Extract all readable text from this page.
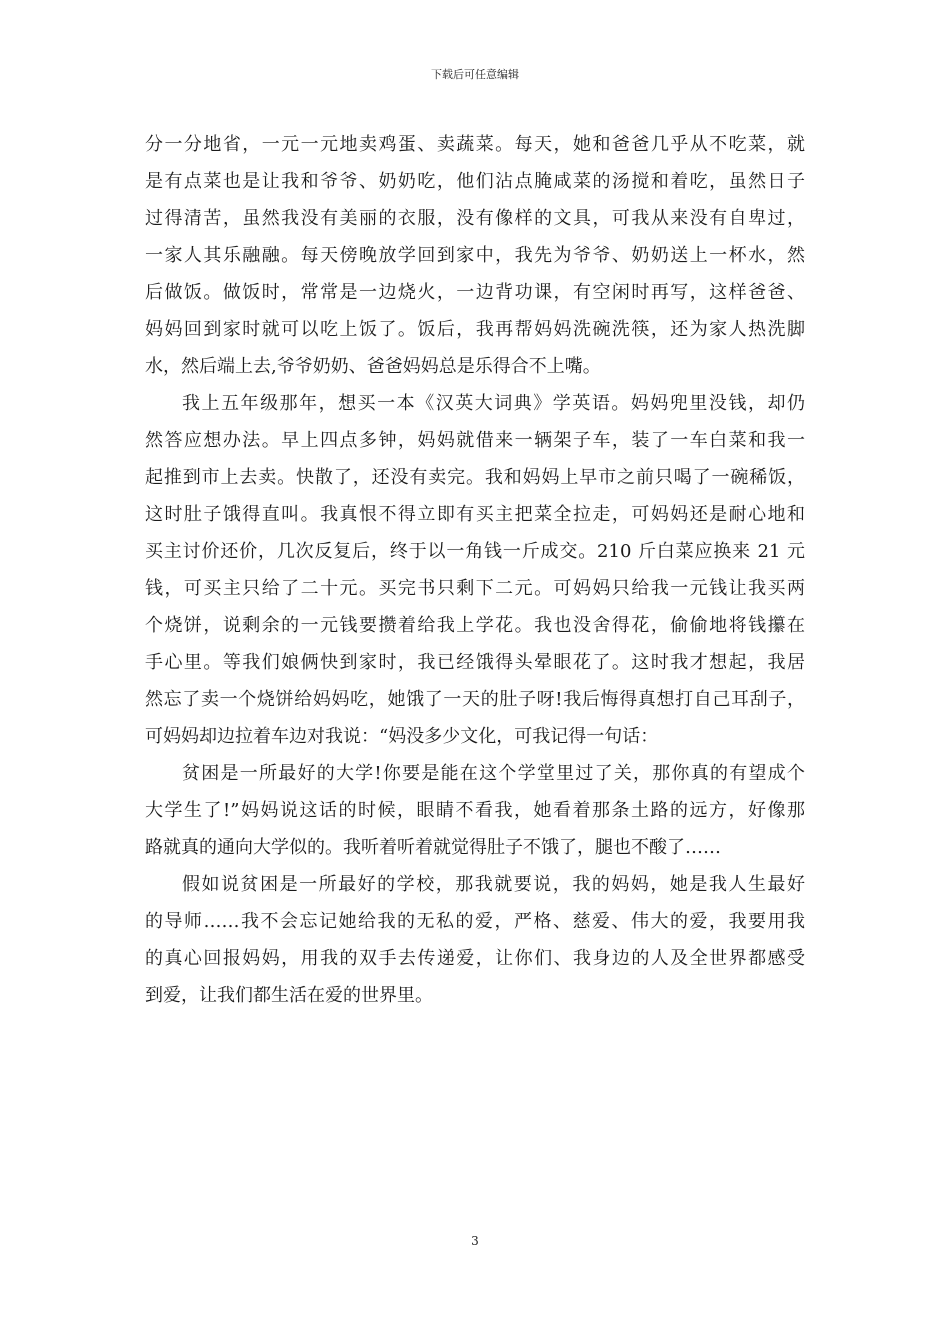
下载后可任意编辑
分一分地省，一元一元地卖鸡蛋、卖蔬菜。每天，她和爸爸几乎从不吃菜，就
是有点菜也是让我和爷爷、奶奶吃，他们沾点腌咸菜的汤搅和着吃，虽然日子
过得清苦，虽然我没有美丽的衣服，没有像样的文具，可我从来没有自卑过，
一家人其乐融融。每天傍晚放学回到家中，我先为爷爷、奶奶送上一杯水，然
后做饭。做饭时，常常是一边烧火，一边背功课，有空闲时再写，这样爸爸、
妈妈回到家时就可以吃上饭了。饭后，我再帮妈妈洗碗洗筷，还为家人热洗脚
水，然后端上去,爷爷奶奶、爸爸妈妈总是乐得合不上嘴。
我上五年级那年，想买一本《汉英大词典》学英语。妈妈兜里没钱，却仍
然答应想办法。早上四点多钟，妈妈就借来一辆架子车，装了一车白菜和我一
起推到市上去卖。快散了，还没有卖完。我和妈妈上早市之前只喝了一碗稀饭，
这时肚子饿得直叫。我真恨不得立即有买主把菜全拉走，可妈妈还是耐心地和
买主讨价还价，几次反复后，终于以一角钱一斤成交。210 斤白菜应换来 21 元
钱，可买主只给了二十元。买完书只剩下二元。可妈妈只给我一元钱让我买两
个烧饼，说剩余的一元钱要攒着给我上学花。我也没舍得花，偷偷地将钱攥在
手心里。等我们娘俩快到家时，我已经饿得头晕眼花了。这时我才想起，我居
然忘了卖一个烧饼给妈妈吃，她饿了一天的肚子呀!我后悔得真想打自己耳刮子，
可妈妈却边拉着车边对我说：“妈没多少文化，可我记得一句话：
贫困是一所最好的大学!你要是能在这个学堂里过了关，那你真的有望成个
大学生了!”妈妈说这话的时候，眼睛不看我，她看着那条土路的远方，好像那
路就真的通向大学似的。我听着听着就觉得肚子不饿了，腿也不酸了……
假如说贫困是一所最好的学校，那我就要说，我的妈妈，她是我人生最好
的导师……我不会忘记她给我的无私的爱，严格、慈爱、伟大的爱，我要用我
的真心回报妈妈，用我的双手去传递爱，让你们、我身边的人及全世界都感受
到爱，让我们都生活在爱的世界里。
3
